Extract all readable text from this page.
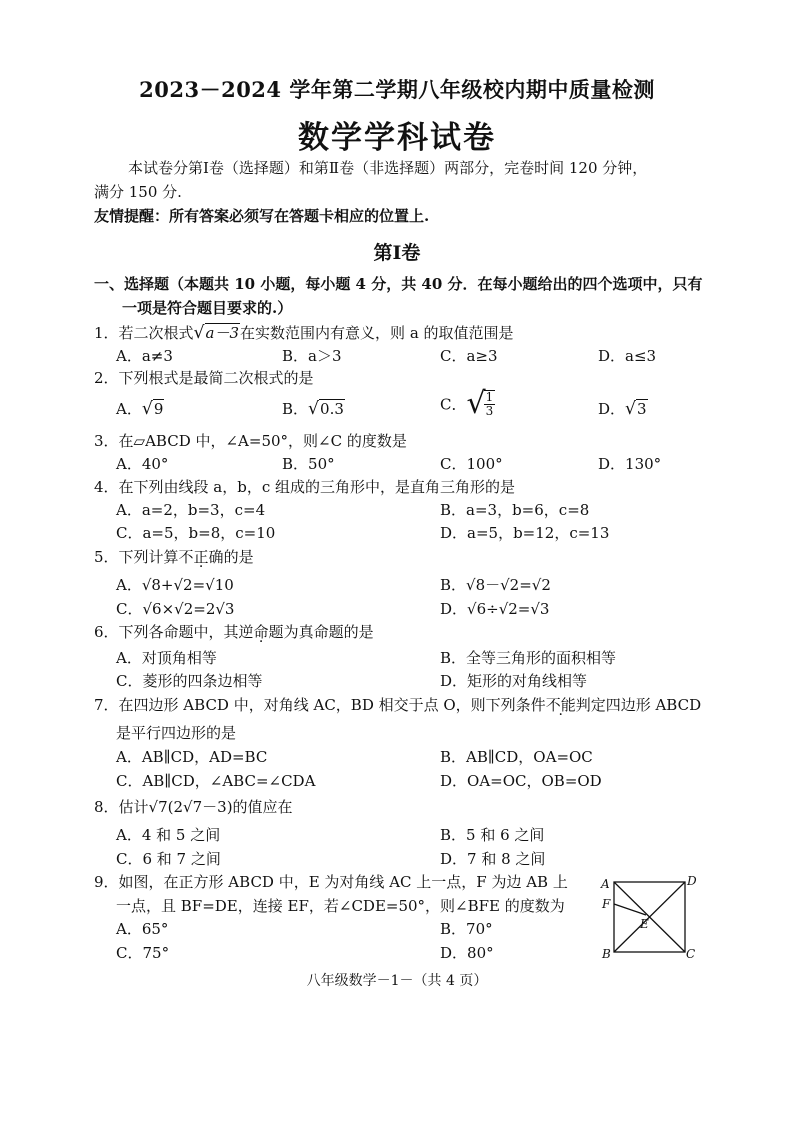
2023－2024 学年第二学期八年级校内期中质量检测
数学学科试卷
本试卷分第Ⅰ卷（选择题）和第Ⅱ卷（非选择题）两部分，完卷时间 120 分钟，
满分 150 分.
友情提醒：所有答案必须写在答题卡相应的位置上.
第Ⅰ卷
一、选择题（本题共 10 小题，每小题 4 分，共 40 分．在每小题给出的四个选项中，只有
一项是符合题目要求的.）
1．若二次根式√a－3在实数范围内有意义，则 a 的取值范围是
A．a≠3	B．a＞3	C．a≥3	D．a≤3
2．下列根式是最简二次根式的是
A．√9	B．√0.3	C．√
$\frac{1}{3}$	D．√3
3．在▱ABCD 中，∠A=50°，则∠C 的度数是
A．40°	B．50°	C．100°	D．130°
4．在下列由线段 a，b，c 组成的三角形中，是直角三角形的是
A．a=2，b=3，c=4	B．a=3，b=6，c=8
C．a=5，b=8，c=10	D．a=5，b=12，c=13
5．下列计算不正确的是
A．√8+√2=√10	B．√8－√2=√2
C．√6×√2=2√3	D．√6÷√2=√3
6．下列各命题中，其逆命题为真命题的是
A．对顶角相等	B．全等三角形的面积相等
C．菱形的四条边相等	D．矩形的对角线相等
7．在四边形 ABCD 中，对角线 AC，BD 相交于点 O，则下列条件不能判定四边形 ABCD
是平行四边形的是
A．AB∥CD，AD=BC	B．AB∥CD，OA=OC
C．AB∥CD，∠ABC=∠CDA	D．OA=OC，OB=OD
8．估计√7(2√7－3)的值应在
A．4 和 5 之间	B．5 和 6 之间
C．6 和 7 之间	D．7 和 8 之间
9．如图，在正方形 ABCD 中，E 为对角线 AC 上一点，F 为边 AB 上
一点，且 BF=DE，连接 EF，若∠CDE=50°，则∠BFE 的度数为
A．65°	B．70°
C．75°	D．80°
A	D
F
E
B	C
八年级数学－1－（共 4 页）
